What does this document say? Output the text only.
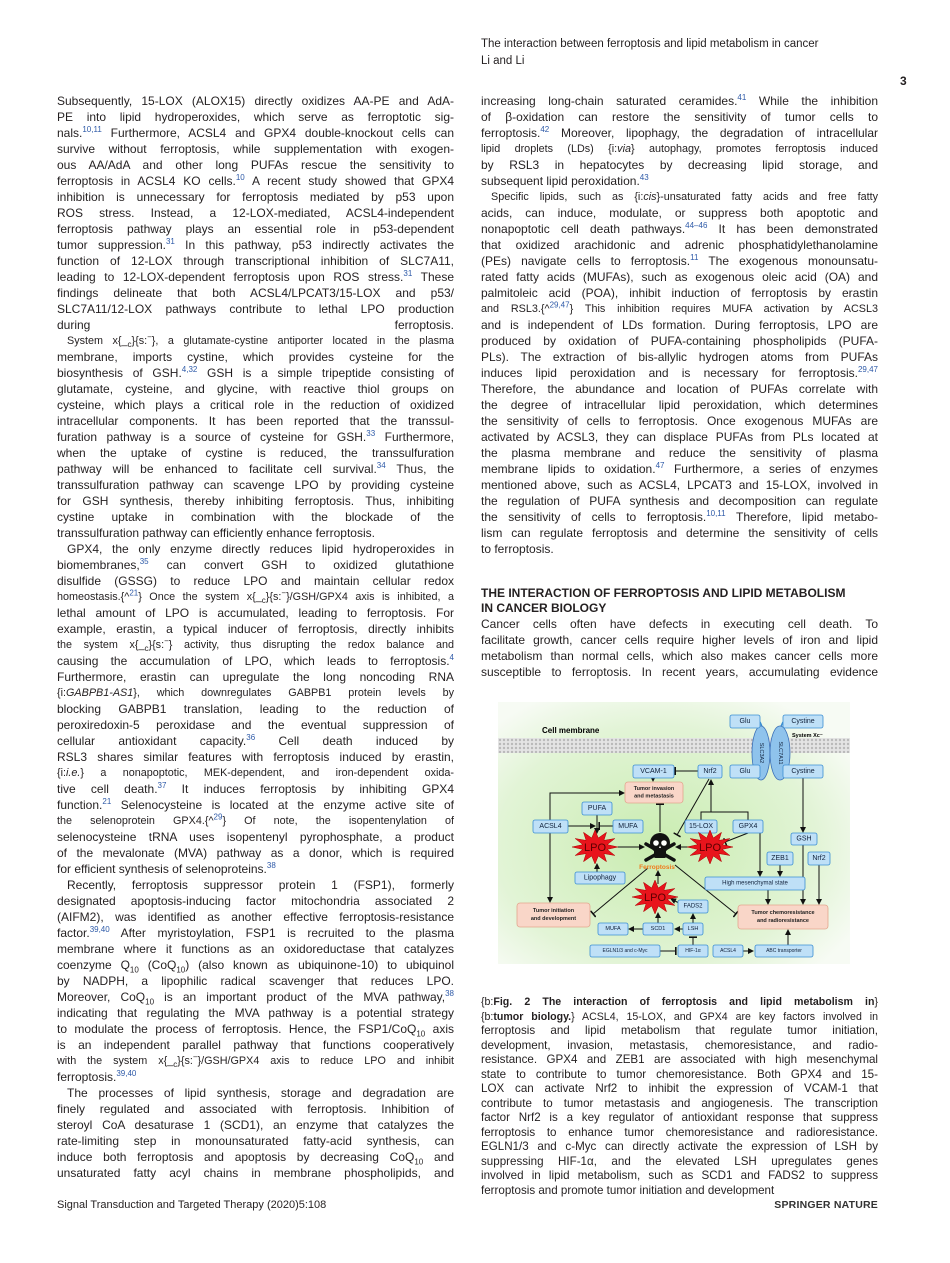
The interaction between ferroptosis and lipid metabolism in cancer
Li and Li
3
Subsequently, 15-LOX (ALOX15) directly oxidizes AA-PE and AdA-
PE into lipid hydroperoxides, which serve as ferroptotic sig-
nals.$^{10,11}$ Furthermore, ACSL4 and GPX4 double-knockout cells can
survive without ferroptosis, while supplementation with exogen-
ous AA/AdA and other long PUFAs rescue the sensitivity to
ferroptosis in ACSL4 KO cells.$^{10}$ A recent study showed that GPX4
inhibition is unnecessary for ferroptosis mediated by p53 upon
ROS stress. Instead, a 12-LOX-mediated, ACSL4-independent
ferroptosis pathway plays an essential role in p53-dependent
tumor suppression.$^{31}$ In this pathway, p53 indirectly activates the
function of 12-LOX through transcriptional inhibition of SLC7A11,
leading to 12-LOX-dependent ferroptosis upon ROS stress.$^{31}$ These
findings delineate that both ACSL4/LPCAT3/15-LOX and p53/
SLC7A11/12-LOX pathways contribute to lethal LPO production
during ferroptosis.
System $x\{\__c\}\{s:^-\}$, a glutamate-cystine antiporter located in the plasma
membrane, imports cystine, which provides cysteine for the
biosynthesis of GSH.$^{4,32}$ GSH is a simple tripeptide consisting of
glutamate, cysteine, and glycine, with reactive thiol groups on
cysteine, which plays a critical role in the reduction of oxidized
intracellular components. It has been reported that the transsul-
furation pathway is a source of cysteine for GSH.$^{33}$ Furthermore,
when the uptake of cystine is reduced, the transsulfuration
pathway will be enhanced to facilitate cell survival.$^{34}$ Thus, the
transsulfuration pathway can scavenge LPO by providing cysteine
for GSH synthesis, thereby inhibiting ferroptosis. Thus, inhibiting
cystine uptake in combination with the blockade of the
transsulfuration pathway can efficiently enhance ferroptosis.
GPX4, the only enzyme directly reduces lipid hydroperoxides in
biomembranes,$^{35}$ can convert GSH to oxidized glutathione
disulfide (GSSG) to reduce LPO and maintain cellular redox
homeostasis.{^$^{21}$} Once the system $x\{\__c\}\{s:^-\}/GSH/GPX4$ axis is inhibited, a
lethal amount of LPO is accumulated, leading to ferroptosis. For
example, erastin, a typical inducer of ferroptosis, directly inhibits
the system $x\{\__c\}\{s:^-\}$ activity, thus disrupting the redox balance and
causing the accumulation of LPO, which leads to ferroptosis.$^4$
Furthermore, erastin can upregulate the long noncoding RNA
{i:GABPB1-AS1}, which downregulates GABPB1 protein levels by
blocking GABPB1 translation, leading to the reduction of
peroxiredoxin-5 peroxidase and the eventual suppression of
cellular antioxidant capacity.$^{36}$ Cell death induced by
RSL3 shares similar features with ferroptosis induced by erastin,
{i:i.e.} a nonapoptotic, MEK-dependent, and iron-dependent oxida-
tive cell death.$^{37}$ It induces ferroptosis by inhibiting GPX4
function.$^{21}$ Selenocysteine is located at the enzyme active site of
the selenoprotein GPX4.{^$^{29}$} Of note, the isopentenylation of
selenocysteine tRNA uses isopentenyl pyrophosphate, a product
of the mevalonate (MVA) pathway as a donor, which is required
for efficient synthesis of selenoproteins.$^{38}$
Recently, ferroptosis suppressor protein 1 (FSP1), formerly
designated apoptosis-inducing factor mitochondria associated 2
(AIFM2), was identified as another effective ferroptosis-resistance
factor.$^{39,40}$ After myristoylation, FSP1 is recruited to the plasma
membrane where it functions as an oxidoreductase that catalyzes
coenzyme $Q_{10}$ (CoQ$_{10}$) (also known as ubiquinone-10) to ubiquinol
by NADPH, a lipophilic radical scavenger that reduces LPO.
Moreover, CoQ$_{10}$ is an important product of the MVA pathway,$^{38}$
indicating that regulating the MVA pathway is a potential strategy
to modulate the process of ferroptosis. Hence, the FSP1/CoQ$_{10}$ axis
is an independent parallel pathway that functions cooperatively
with the system $x\{\__c\}\{s:^-\}/GSH/GPX4$ axis to reduce LPO and inhibit
ferroptosis.$^{39,40}$
The processes of lipid synthesis, storage and degradation are
finely regulated and associated with ferroptosis. Inhibition of
steroyl CoA desaturase 1 (SCD1), an enzyme that catalyzes the
rate-limiting step in monounsaturated fatty-acid synthesis, can
induce both ferroptosis and apoptosis by decreasing CoQ$_{10}$ and
unsaturated fatty acyl chains in membrane phospholipids, and
increasing long-chain saturated ceramides.$^{41}$ While the inhibition
of β-oxidation can restore the sensitivity of tumor cells to
ferroptosis.$^{42}$ Moreover, lipophagy, the degradation of intracellular
lipid droplets (LDs) {i:via} autophagy, promotes ferroptosis induced
by RSL3 in hepatocytes by decreasing lipid storage, and
subsequent lipid peroxidation.$^{43}$
Specific lipids, such as {i:cis}-unsaturated fatty acids and free fatty
acids, can induce, modulate, or suppress both apoptotic and
nonapoptotic cell death pathways.$^{44-46}$ It has been demonstrated
that oxidized arachidonic and adrenic phosphatidylethanolamine
(PEs) navigate cells to ferroptosis.$^{11}$ The exogenous monounsatu-
rated fatty acids (MUFAs), such as exogenous oleic acid (OA) and
palmitoleic acid (POA), inhibit induction of ferroptosis by erastin
and RSL3.{^$^{29,47}$} This inhibition requires MUFA activation by ACSL3
and is independent of LDs formation. During ferroptosis, LPO are
produced by oxidation of PUFA-containing phospholipids (PUFA-
PLs). The extraction of bis-allylic hydrogen atoms from PUFAs
induces lipid peroxidation and is necessary for ferroptosis.$^{29,47}$
Therefore, the abundance and location of PUFAs correlate with
the degree of intracellular lipid peroxidation, which determines
the sensitivity of cells to ferroptosis. Once exogenous MUFAs are
activated by ACSL3, they can displace PUFAs from PLs located at
the plasma membrane and reduce the sensitivity of plasma
membrane lipids to oxidation.$^{47}$ Furthermore, a series of enzymes
mentioned above, such as ACSL4, LPCAT3 and 15-LOX, involved in
the regulation of PUFA synthesis and decomposition can regulate
the sensitivity of cells to ferroptosis.$^{10,11}$ Therefore, lipid metabo-
lism can regulate ferroptosis and determine the sensitivity of cells
to ferroptosis.
THE INTERACTION OF FERROPTOSIS AND LIPID METABOLISM
IN CANCER BIOLOGY
Cancer cells often have defects in executing cell death. To
facilitate growth, cancer cells require higher levels of iron and lipid
metabolism than normal cells, which also makes cancer cells more
susceptible to ferroptosis. In recent years, accumulating evidence
Cell membrane
SLC3A2 SLC7A11
System Xc⁻
Glu	Cystine
Glu	Cystine
VCAM-1	Nrf2
Tumor invasion
and metastasis
PUFA
ACSL4	MUFA	15-LOX	GPX4
GSH
ZEB1	Nrf2
Lipophagy
High mesenchymal state
FADS2
Tumor initiation
and development
Tumor chemoresistance
and radioresistance
MUFA	SCD1	LSH
EGLN1/3 and c-Myc	HIF-1α	ACSL4	ABC transporter
LPO	LPO
LPO
Ferroptosis
{b:Fig. 2 The interaction of ferroptosis and lipid metabolism in}
{b:tumor biology.} ACSL4, 15-LOX, and GPX4 are key factors involved in
ferroptosis and lipid metabolism that regulate tumor initiation,
development, invasion, metastasis, chemoresistance, and radio-
resistance. GPX4 and ZEB1 are associated with high mesenchymal
state to contribute to tumor chemoresistance. Both GPX4 and 15-
LOX can activate Nrf2 to inhibit the expression of VCAM-1 that
contribute to tumor metastasis and angiogenesis. The transcription
factor Nrf2 is a key regulator of antioxidant response that suppress
ferroptosis to enhance tumor chemoresistance and radioresistance.
EGLN1/3 and c-Myc can directly activate the expression of LSH by
suppressing HIF-1α, and the elevated LSH upregulates genes
involved in lipid metabolism, such as SCD1 and FADS2 to suppress
ferroptosis and promote tumor initiation and development
Signal Transduction and Targeted Therapy (2020)5:108	SPRINGER NATURE
